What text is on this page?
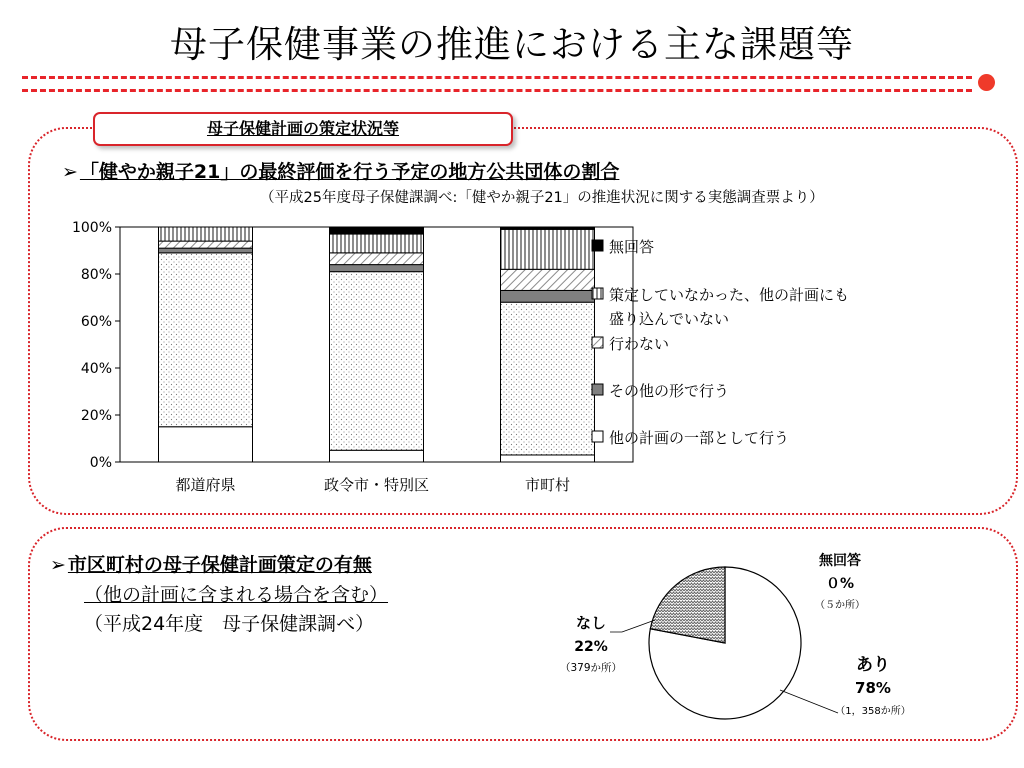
母子保健事業の推進における主な課題等
母子保健計画の策定状況等
➢ 「健やか親子21」の最終評価を行う予定の地方公共団体の割合
（平成25年度母子保健課調べ:「健やか親子21」の推進状況に関する実態調査票より）
0%
20%
40%
60%
80%
100%
都道府県	政令市・特別区	市町村
無回答
策定していなかった、他の計画にも盛り込んでいない
行わない
その他の形で行う
他の計画の一部として行う
➢ 市区町村の母子保健計画策定の有無
（他の計画に含まれる場合を含む）
（平成24年度　母子保健課調べ）
あり
78%
（1，358か所）
なし
22%
（379か所）
無回答
０%
（５か所）
